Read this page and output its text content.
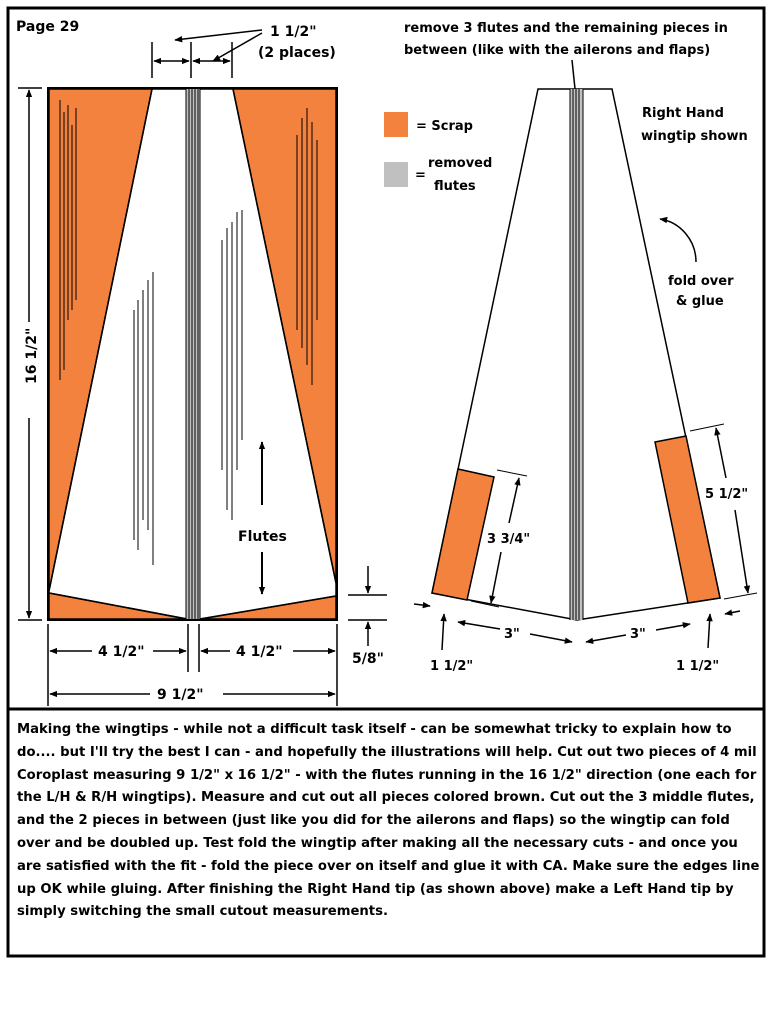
Page 29	1 1/2"
(2 places)
16 1/2"
Flutes
4 1/2"	4 1/2"
9 1/2"
5/8"
= Scrap
=
removed
flutes
remove 3 flutes and the remaining pieces in
between (like with the ailerons and flaps)
Right Hand
wingtip shown
fold over
& glue
3 3/4"
5 1/2"
3"	3"
1 1/2"	1 1/2"

Making the wingtips - while not a difficult task itself - can be somewhat tricky to explain how to do.... but I'll try the best I can - and hopefully the illustrations will help. Cut out two pieces of 4 mil Coroplast measuring 9 1/2" x 16 1/2" - with the flutes running in the 16 1/2" direction (one each for the L/H & R/H wingtips). Measure and cut out all pieces colored brown. Cut out the 3 middle flutes, and the 2 pieces in between (just like you did for the ailerons and flaps) so the wingtip can fold over and be doubled up. Test fold the wingtip after making all the necessary cuts - and once you are satisfied with the fit - fold the piece over on itself and glue it with CA. Make sure the edges line up OK while gluing. After finishing the Right Hand tip (as shown above) make a Left Hand tip by simply switching the small cutout measurements.
